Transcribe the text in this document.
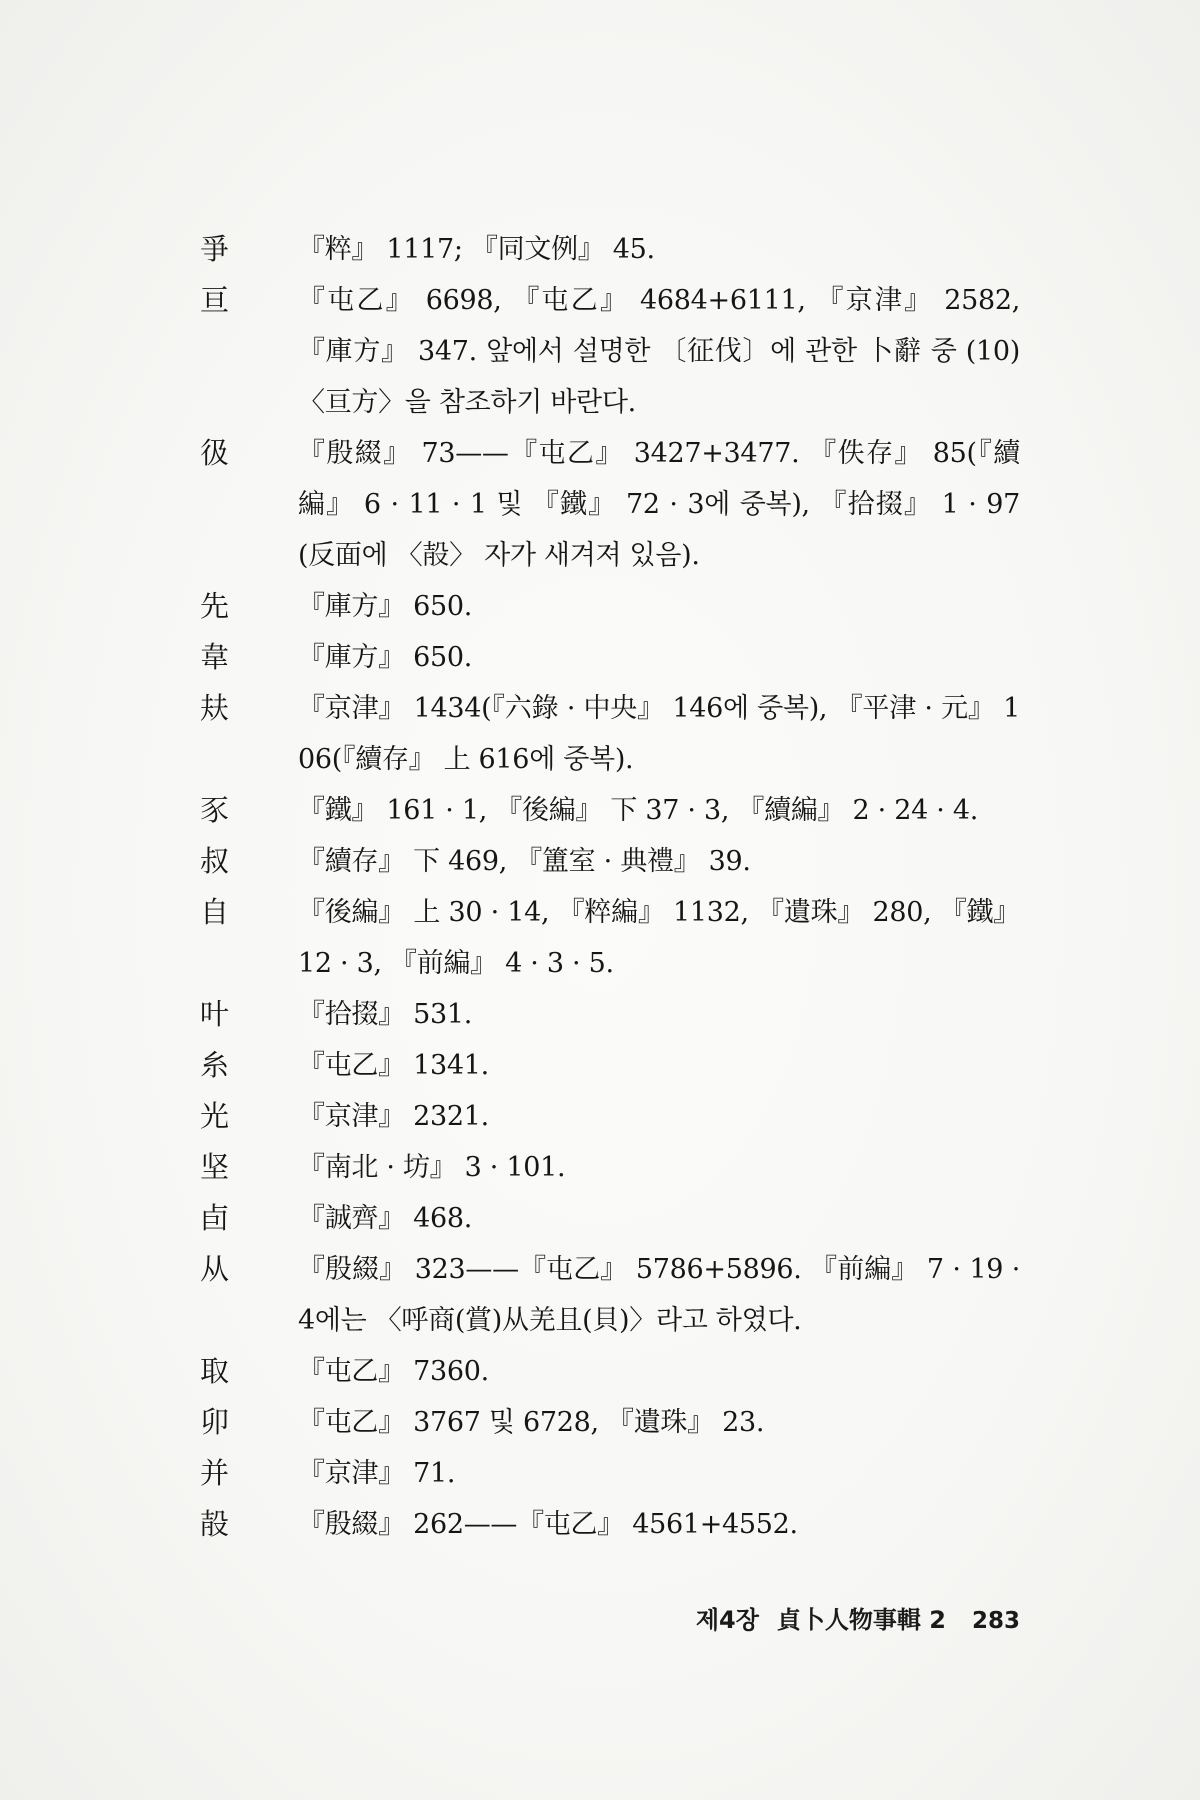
爭	『粹』 1117; 『同文例』 45.
亘	『屯乙』 6698, 『屯乙』 4684+6111, 『京津』 2582, 『庫方』 347. 앞에서 설명한 〔征伐〕에 관한 卜辭 중 (10) 〈亘方〉을 참조하기 바란다.
彶	『殷綴』 73——『屯乙』 3427+3477. 『佚存』 85(『續編』 6 · 11 · 1 및 『鐵』 72 · 3에 중복), 『拾掇』 1 · 97(反面에 〈㱿〉 자가 새겨져 있음).
先	『庫方』 650.
韋	『庫方』 650.
㚘	『京津』 1434(『六錄 · 中央』 146에 중복), 『平津 · 元』 106(『續存』 上 616에 중복).
豕	『鐵』 161 · 1, 『後編』 下 37 · 3, 『續編』 2 · 24 · 4.
叔	『續存』 下 469, 『簠室 · 典禮』 39.
自	『後編』 上 30 · 14, 『粹編』 1132, 『遺珠』 280, 『鐵』 12 · 3, 『前編』 4 · 3 · 5.
叶	『拾掇』 531.
糸	『屯乙』 1341.
光	『京津』 2321.
坚	『南北 · 坊』 3 · 101.
卣	『誠齊』 468.
从	『殷綴』 323——『屯乙』 5786+5896. 『前編』 7 · 19 · 4에는 〈呼商(賞)从羌且(貝)〉라고 하였다.
取	『屯乙』 7360.
卯	『屯乙』 3767 및 6728, 『遺珠』 23.
并	『京津』 71.
㱿	『殷綴』 262——『屯乙』 4561+4552.
제4장 貞卜人物事輯 2 283
